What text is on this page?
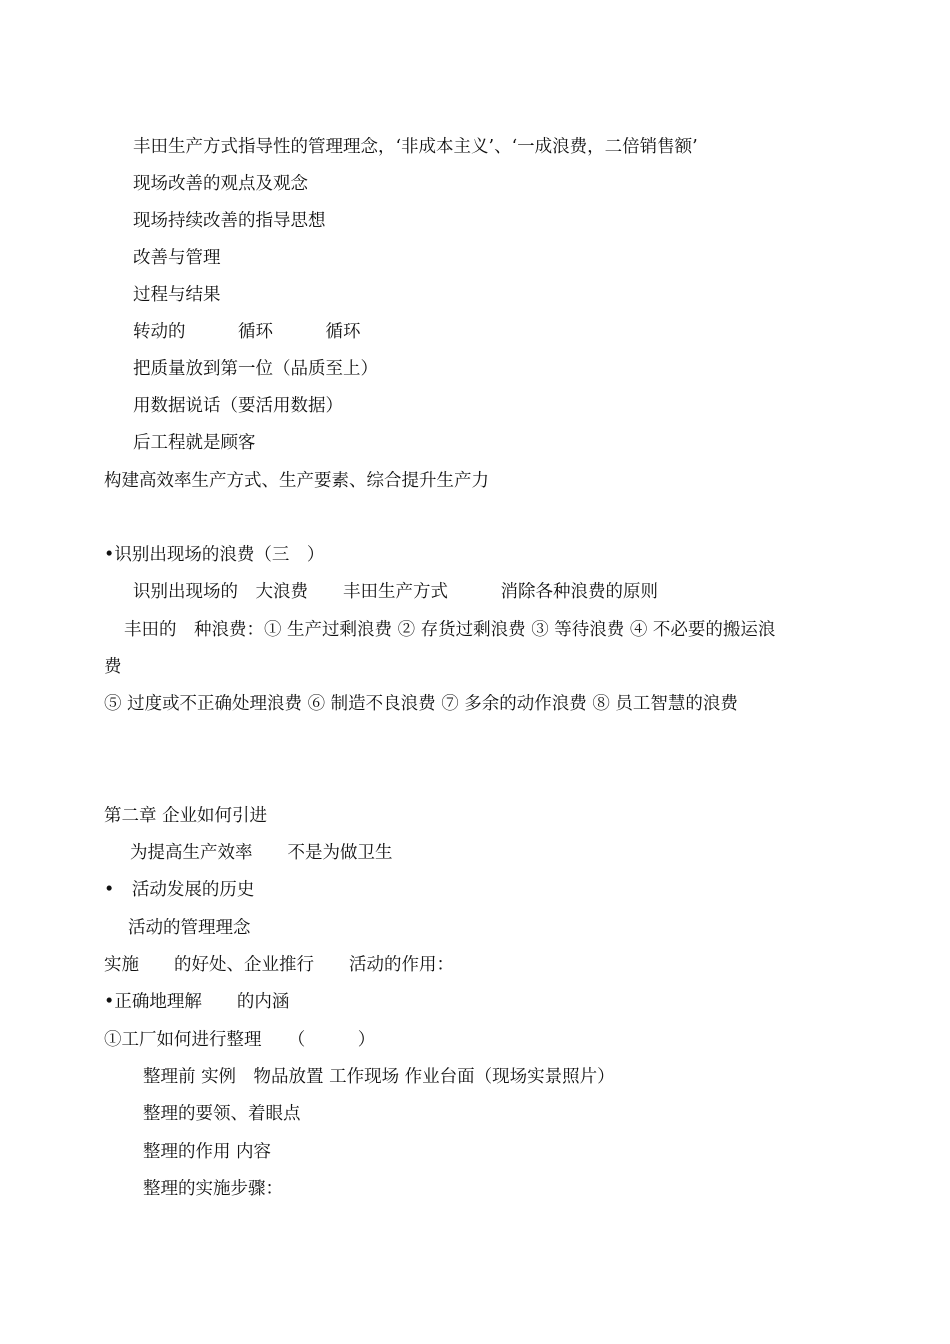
丰田生产方式指导性的管理理念，‘非成本主义’、‘一成浪费，二倍销售额’
现场改善的观点及观念
现场持续改善的指导思想
改善与管理
过程与结果
转动的　　　循环　　　循环
把质量放到第一位（品质至上）
用数据说话（要活用数据）
后工程就是顾客
构建高效率生产方式、生产要素、综合提升生产力
•识别出现场的浪费（三　）
识别出现场的　大浪费　　丰田生产方式　　　消除各种浪费的原则
丰田的　种浪费：① 生产过剩浪费 ② 存货过剩浪费 ③ 等待浪费 ④ 不必要的搬运浪
费
⑤ 过度或不正确处理浪费 ⑥ 制造不良浪费 ⑦ 多余的动作浪费 ⑧ 员工智慧的浪费
第二章 企业如何引进
为提高生产效率　　不是为做卫生
•　活动发展的历史
活动的管理理念
实施　　的好处、企业推行　　活动的作用：
•正确地理解　　的内涵
①工厂如何进行整理　　（　　　）
整理前 实例　物品放置 工作现场 作业台面（现场实景照片）
整理的要领、着眼点
整理的作用 内容
整理的实施步骤：
